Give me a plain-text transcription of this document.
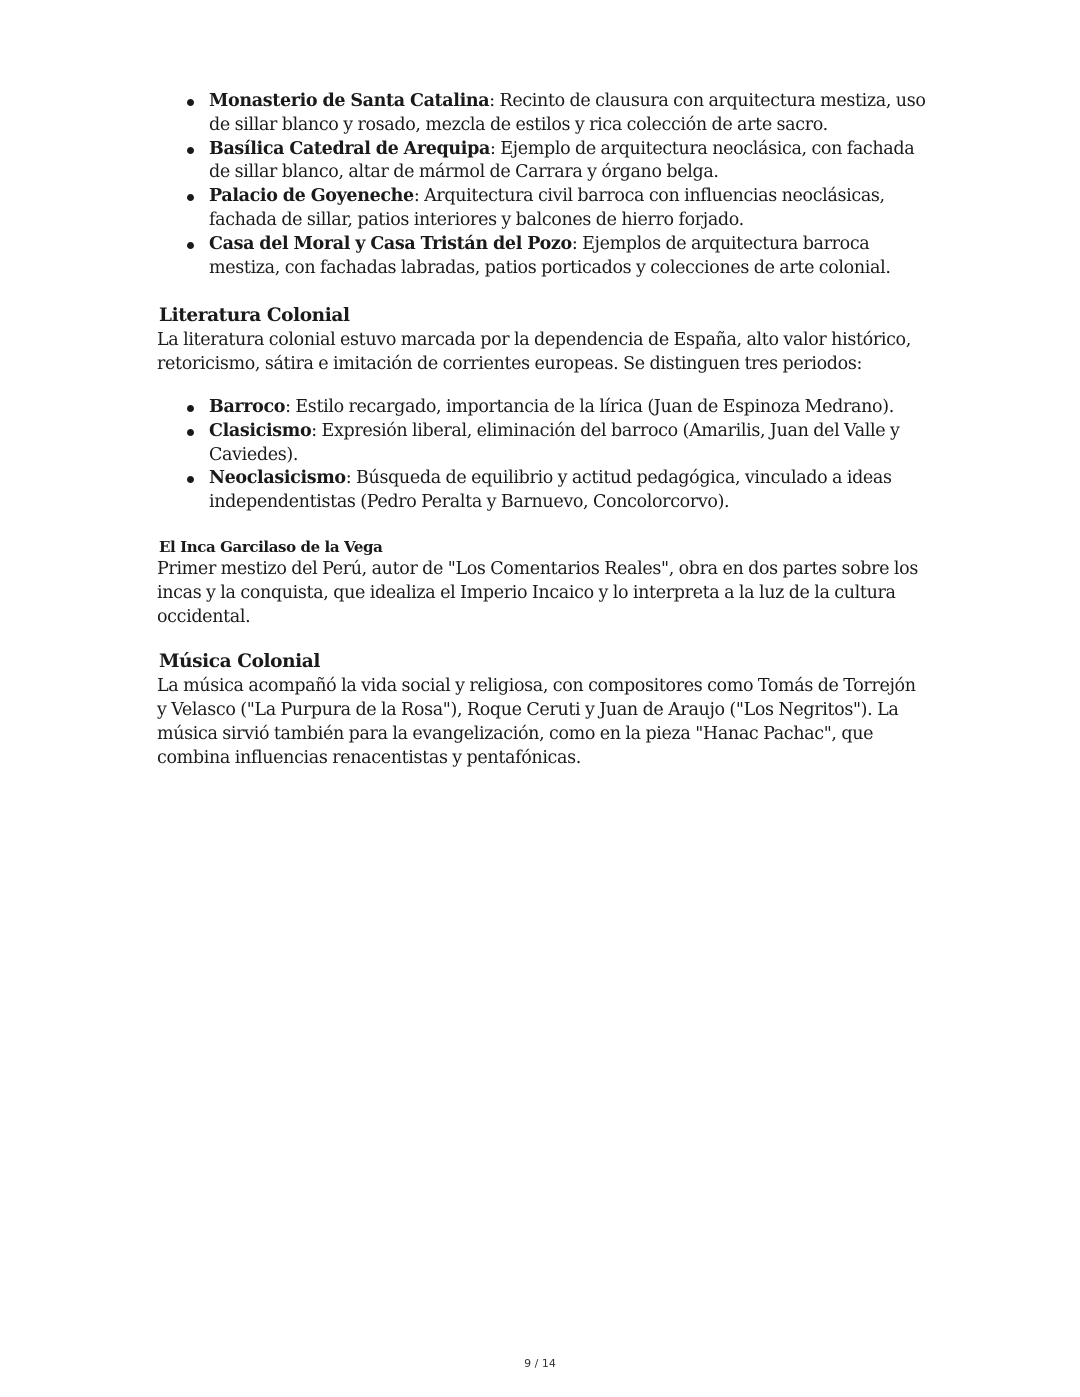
Monasterio de Santa Catalina: Recinto de clausura con arquitectura mestiza, uso de sillar blanco y rosado, mezcla de estilos y rica colección de arte sacro.
Basílica Catedral de Arequipa: Ejemplo de arquitectura neoclásica, con fachada de sillar blanco, altar de mármol de Carrara y órgano belga.
Palacio de Goyeneche: Arquitectura civil barroca con influencias neoclásicas, fachada de sillar, patios interiores y balcones de hierro forjado.
Casa del Moral y Casa Tristán del Pozo: Ejemplos de arquitectura barroca mestiza, con fachadas labradas, patios porticados y colecciones de arte colonial.
Literatura Colonial

La literatura colonial estuvo marcada por la dependencia de España, alto valor histórico, retoricismo, sátira e imitación de corrientes europeas. Se distinguen tres periodos:

Barroco: Estilo recargado, importancia de la lírica (Juan de Espinoza Medrano).
Clasicismo: Expresión liberal, eliminación del barroco (Amarilis, Juan del Valle y Caviedes).
Neoclasicismo: Búsqueda de equilibrio y actitud pedagógica, vinculado a ideas independentistas (Pedro Peralta y Barnuevo, Concolorcorvo).
El Inca Garcilaso de la Vega

Primer mestizo del Perú, autor de "Los Comentarios Reales", obra en dos partes sobre los incas y la conquista, que idealiza el Imperio Incaico y lo interpreta a la luz de la cultura occidental.

Música Colonial

La música acompañó la vida social y religiosa, con compositores como Tomás de Torrejón y Velasco ("La Purpura de la Rosa"), Roque Ceruti y Juan de Araujo ("Los Negritos"). La música sirvió también para la evangelización, como en la pieza "Hanac Pachac", que combina influencias renacentistas y pentafónicas.

9 / 14
